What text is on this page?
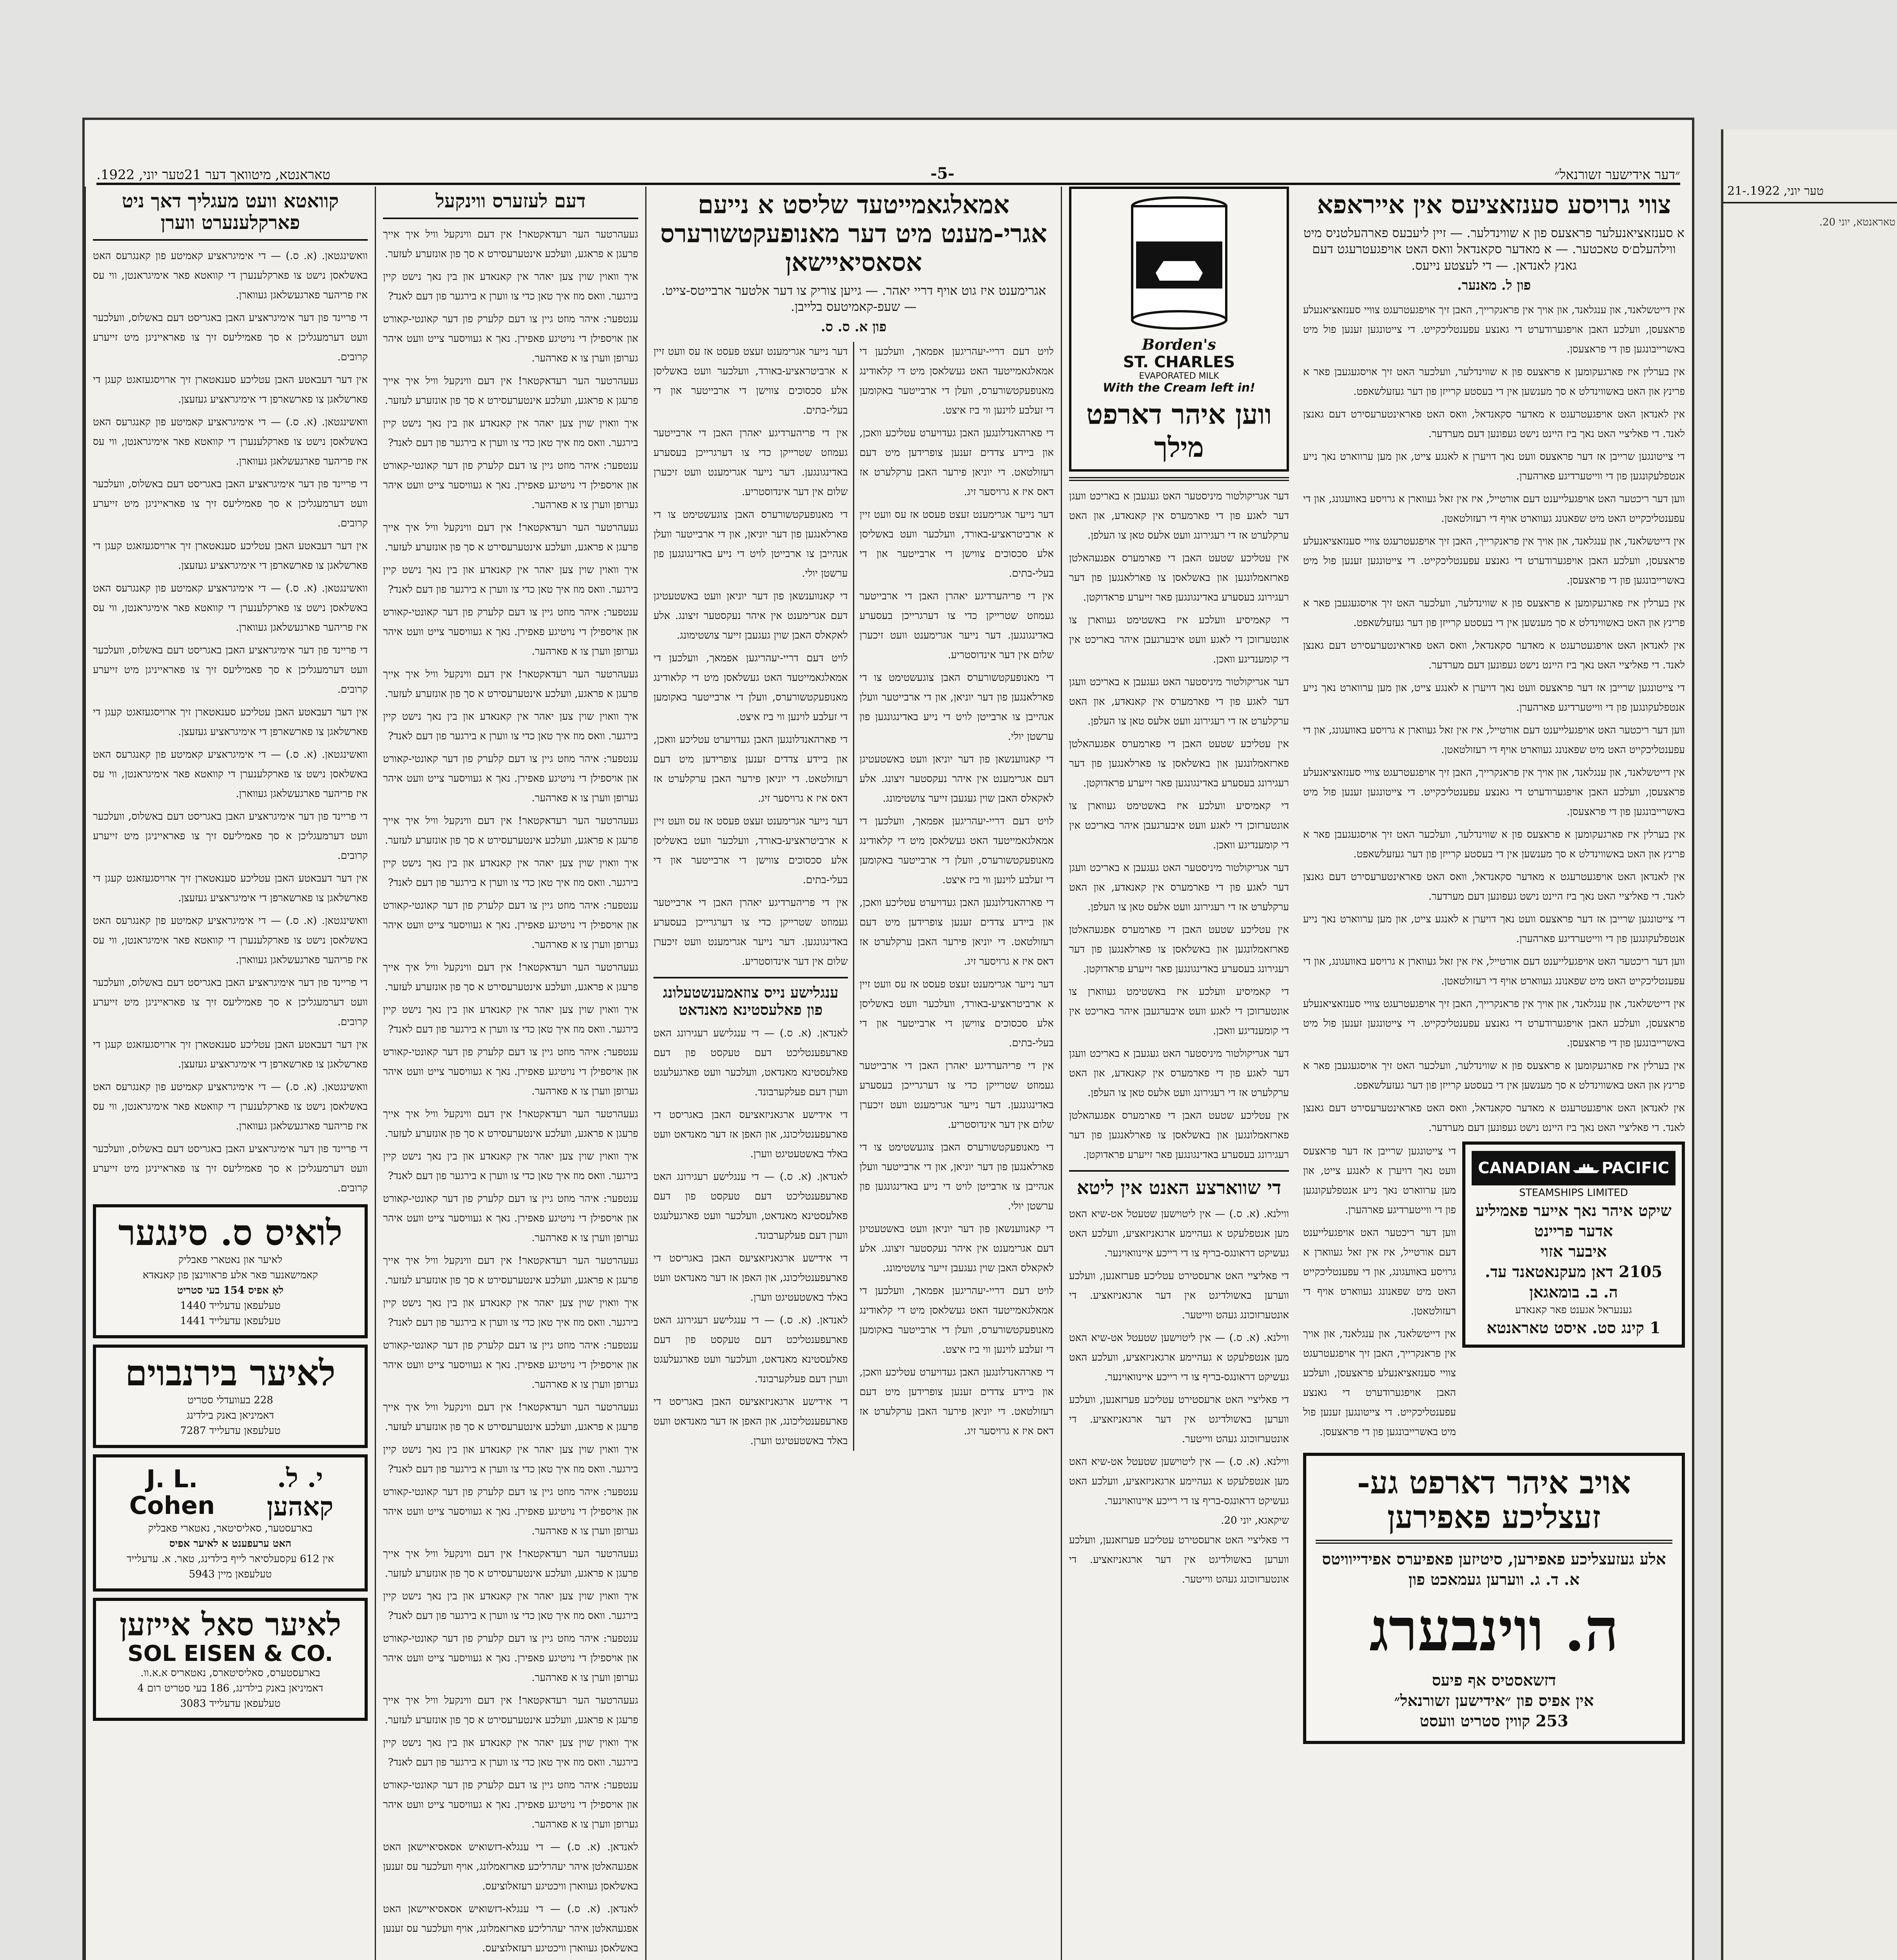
טער יוני, 1922.-21
טאראנטא, יוני 20.
״דער אידישער זשורנאל״
-5-
טאראנטא, מיטוואך דער 21טער יוני, 1922.
צווי גרויסע סענזאציעס אין אייראפא
א סענזאציאנעלער פראצעס פון א שווינדלער. — זיין ליעבעס פארהעלטניס מיט ווילהעלם׳ס טאכטער. — א מאדער סקאנדאל וואס האט אויפגעטרעגט דעם גאנץ לאנדאן. — די לעצטע נייעס.
פון ל. מאנער.

אין דייטשלאנד, און ענגלאנד, און אויך אין פראנקרייך, האבן זיך אויפגעטרעגט צוויי סענזאציאנעלע פראצעסן, וועלכע האבן אויפגערודערט די גאנצע עפענטליכקייט. די צייטונגען זענען פול מיט באשרייבונגען פון די פראצעסן.

אין בערלין איז פארגעקומען א פראצעס פון א שווינדלער, וועלכער האט זיך אויסגעגעבן פאר א פרינץ און האט באשווינדלט א סך מענשען אין די בעסטע קרייזן פון דער געזעלשאפט.

אין לאנדאן האט אויפגעטרעגט א מאדער סקאנדאל, וואס האט פאראינטערעסירט דעם גאנצן לאנד. די פאליציי האט נאך ביז היינט נישט געפונען דעם מערדער.

די צייטונגען שרייבן אז דער פראצעס וועט נאך דויערן א לאנגע צייט, און מען ערווארט נאך נייע אנטפלעקונגען פון די ווייטערדיגע פארהערן.

ווען דער ריכטער האט אויפגעלייענט דעם אורטייל, איז אין זאל געווארן א גרויסע באוועגונג, און די עפענטליכקייט האט מיט שפאנונג געווארט אויף די רעזולטאטן.

אין דייטשלאנד, און ענגלאנד, און אויך אין פראנקרייך, האבן זיך אויפגעטרעגט צוויי סענזאציאנעלע פראצעסן, וועלכע האבן אויפגערודערט די גאנצע עפענטליכקייט. די צייטונגען זענען פול מיט באשרייבונגען פון די פראצעסן.

אין בערלין איז פארגעקומען א פראצעס פון א שווינדלער, וועלכער האט זיך אויסגעגעבן פאר א פרינץ און האט באשווינדלט א סך מענשען אין די בעסטע קרייזן פון דער געזעלשאפט.

אין לאנדאן האט אויפגעטרעגט א מאדער סקאנדאל, וואס האט פאראינטערעסירט דעם גאנצן לאנד. די פאליציי האט נאך ביז היינט נישט געפונען דעם מערדער.

די צייטונגען שרייבן אז דער פראצעס וועט נאך דויערן א לאנגע צייט, און מען ערווארט נאך נייע אנטפלעקונגען פון די ווייטערדיגע פארהערן.

ווען דער ריכטער האט אויפגעלייענט דעם אורטייל, איז אין זאל געווארן א גרויסע באוועגונג, און די עפענטליכקייט האט מיט שפאנונג געווארט אויף די רעזולטאטן.

אין דייטשלאנד, און ענגלאנד, און אויך אין פראנקרייך, האבן זיך אויפגעטרעגט צוויי סענזאציאנעלע פראצעסן, וועלכע האבן אויפגערודערט די גאנצע עפענטליכקייט. די צייטונגען זענען פול מיט באשרייבונגען פון די פראצעסן.

אין בערלין איז פארגעקומען א פראצעס פון א שווינדלער, וועלכער האט זיך אויסגעגעבן פאר א פרינץ און האט באשווינדלט א סך מענשען אין די בעסטע קרייזן פון דער געזעלשאפט.

אין לאנדאן האט אויפגעטרעגט א מאדער סקאנדאל, וואס האט פאראינטערעסירט דעם גאנצן לאנד. די פאליציי האט נאך ביז היינט נישט געפונען דעם מערדער.

די צייטונגען שרייבן אז דער פראצעס וועט נאך דויערן א לאנגע צייט, און מען ערווארט נאך נייע אנטפלעקונגען פון די ווייטערדיגע פארהערן.

ווען דער ריכטער האט אויפגעלייענט דעם אורטייל, איז אין זאל געווארן א גרויסע באוועגונג, און די עפענטליכקייט האט מיט שפאנונג געווארט אויף די רעזולטאטן.

אין דייטשלאנד, און ענגלאנד, און אויך אין פראנקרייך, האבן זיך אויפגעטרעגט צוויי סענזאציאנעלע פראצעסן, וועלכע האבן אויפגערודערט די גאנצע עפענטליכקייט. די צייטונגען זענען פול מיט באשרייבונגען פון די פראצעסן.

אין בערלין איז פארגעקומען א פראצעס פון א שווינדלער, וועלכער האט זיך אויסגעגעבן פאר א פרינץ און האט באשווינדלט א סך מענשען אין די בעסטע קרייזן פון דער געזעלשאפט.

אין לאנדאן האט אויפגעטרעגט א מאדער סקאנדאל, וואס האט פאראינטערעסירט דעם גאנצן לאנד. די פאליציי האט נאך ביז היינט נישט געפונען דעם מערדער.

CANADIAN PACIFIC
STEAMSHIPS LIMITED
שיקט איהר נאך אייער פאמיליע אדער פריינט
איבער אזוי
2105 דאן מעקנאטאנד עד.
ה. ב. בומאגאן
גענעראל אגענט פאר קאנאדע
1 קינג סט. איסט טאראנטא

די צייטונגען שרייבן אז דער פראצעס וועט נאך דויערן א לאנגע צייט, און מען ערווארט נאך נייע אנטפלעקונגען פון די ווייטערדיגע פארהערן.

ווען דער ריכטער האט אויפגעלייענט דעם אורטייל, איז אין זאל געווארן א גרויסע באוועגונג, און די עפענטליכקייט האט מיט שפאנונג געווארט אויף די רעזולטאטן.

אין דייטשלאנד, און ענגלאנד, און אויך אין פראנקרייך, האבן זיך אויפגעטרעגט צוויי סענזאציאנעלע פראצעסן, וועלכע האבן אויפגערודערט די גאנצע עפענטליכקייט. די צייטונגען זענען פול מיט באשרייבונגען פון די פראצעסן.

אויב איהר דארפט גע-
זעצליכע פאפירען
אלע געזעצליכע פאפירען, סיטיזען פאפיערס אפידייוויטס א. ד. ג. ווערען געמאכט פון
ה. ווינבערג
דזשאסטיס אף פיעס
אין אפיס פון ״אידישען זשורנאל״
253 קווין סטריט וועסט
Borden's
ST. CHARLES
EVAPORATED MILK
With the Cream left in!
ווען איהר דארפט מילך

דער אגריקולטור מיניסטער האט געגעבן א באריכט וועגן דער לאגע פון די פארמערס אין קאנאדע, און האט ערקלערט אז די רעגירונג וועט אלעס טאן צו העלפן.

אין עטליכע שטעט האבן די פארמערס אפגעהאלטן פארזאמלונגען און באשלאסן צו פארלאנגען פון דער רעגירונג בעסערע באדינגונגען פאר זייערע פראדוקטן.

די קאמיסיע וועלכע איז באשטימט געווארן צו אונטערזוכן די לאגע וועט איבערגעבן איהר באריכט אין די קומענדיגע וואכן.

דער אגריקולטור מיניסטער האט געגעבן א באריכט וועגן דער לאגע פון די פארמערס אין קאנאדע, און האט ערקלערט אז די רעגירונג וועט אלעס טאן צו העלפן.

אין עטליכע שטעט האבן די פארמערס אפגעהאלטן פארזאמלונגען און באשלאסן צו פארלאנגען פון דער רעגירונג בעסערע באדינגונגען פאר זייערע פראדוקטן.

די קאמיסיע וועלכע איז באשטימט געווארן צו אונטערזוכן די לאגע וועט איבערגעבן איהר באריכט אין די קומענדיגע וואכן.

דער אגריקולטור מיניסטער האט געגעבן א באריכט וועגן דער לאגע פון די פארמערס אין קאנאדע, און האט ערקלערט אז די רעגירונג וועט אלעס טאן צו העלפן.

אין עטליכע שטעט האבן די פארמערס אפגעהאלטן פארזאמלונגען און באשלאסן צו פארלאנגען פון דער רעגירונג בעסערע באדינגונגען פאר זייערע פראדוקטן.

די קאמיסיע וועלכע איז באשטימט געווארן צו אונטערזוכן די לאגע וועט איבערגעבן איהר באריכט אין די קומענדיגע וואכן.

דער אגריקולטור מיניסטער האט געגעבן א באריכט וועגן דער לאגע פון די פארמערס אין קאנאדע, און האט ערקלערט אז די רעגירונג וועט אלעס טאן צו העלפן.

אין עטליכע שטעט האבן די פארמערס אפגעהאלטן פארזאמלונגען און באשלאסן צו פארלאנגען פון דער רעגירונג בעסערע באדינגונגען פאר זייערע פראדוקטן.

די שווארצע האנט אין ליטא

ווילנא. (א. ס.) — אין ליטוישען שטעטל אט-שיא האט מען אנטפלעקט א געהיימע ארגאניזאציע, וועלכע האט געשיקט דראונגס-בריף צו די רייכע איינוואוינער.

די פאליציי האט ארעסטירט עטליכע פערזאנען, וועלכע ווערען באשולדיגט אין דער ארגאניזאציע. די אונטערזוכונג געהט ווייטער.

ווילנא. (א. ס.) — אין ליטוישען שטעטל אט-שיא האט מען אנטפלעקט א געהיימע ארגאניזאציע, וועלכע האט געשיקט דראונגס-בריף צו די רייכע איינוואוינער.

די פאליציי האט ארעסטירט עטליכע פערזאנען, וועלכע ווערען באשולדיגט אין דער ארגאניזאציע. די אונטערזוכונג געהט ווייטער.

ווילנא. (א. ס.) — אין ליטוישען שטעטל אט-שיא האט מען אנטפלעקט א געהיימע ארגאניזאציע, וועלכע האט געשיקט דראונגס-בריף צו די רייכע איינוואוינער.

שיקאגא, יוני 20.

די פאליציי האט ארעסטירט עטליכע פערזאנען, וועלכע ווערען באשולדיגט אין דער ארגאניזאציע. די אונטערזוכונג געהט ווייטער.

אמאלגאמייטעד שליסט א נייעם אגרי-מענט מיט דער מאנופעקטשורערס אסאסיאיישאן
אגרימענט איז גוט אויף דריי יאהר. — גייען צוריק צו דער אלטער ארבייטס-צייט. — שעפ-קאמיטעס בלייבן.
פון א. ס. ס.

לויט דעם דריי-יעהריגען אפמאך, וועלכען די אמאלגאמייטעד האט געשלאסן מיט די קלאודינג מאנופעקטשורערס, וועלן די ארבייטער באקומען די זעלבע לוינען ווי ביז איצט.

די פארהאנדלונגען האבן געדויערט עטליכע וואכן, און ביידע צדדים זענען צופרידען מיט דעם רעזולטאט. די יוניאן פירער האבן ערקלערט אז דאס איז א גרויסער זיג.

דער נייער אגרימענט זעצט פעסט אז עס וועט זיין א ארביטראציע-באורד, וועלכער וועט באשליסן אלע סכסוכים צווישן די ארבייטער און די בעלי-בתים.

אין די פריהערדיגע יאהרן האבן די ארבייטער געמוזט שטרייקן כדי צו דערגרייכן בעסערע באדינגונגען. דער נייער אגרימענט וועט זיכערן שלום אין דער אינדוסטריע.

די מאנופעקטשורערס האבן צוגעשטימט צו די פארלאנגען פון דער יוניאן, און די ארבייטער וועלן אנהייבן צו ארבייטן לויט די נייע באדינגונגען פון ערשטן יולי.

די קאנווענשאן פון דער יוניאן וועט באשטעטיגן דעם אגרימענט אין איהר נעקסטער זיצונג. אלע לאקאלס האבן שוין געגעבן זייער צושטימונג.

לויט דעם דריי-יעהריגען אפמאך, וועלכען די אמאלגאמייטעד האט געשלאסן מיט די קלאודינג מאנופעקטשורערס, וועלן די ארבייטער באקומען די זעלבע לוינען ווי ביז איצט.

די פארהאנדלונגען האבן געדויערט עטליכע וואכן, און ביידע צדדים זענען צופרידען מיט דעם רעזולטאט. די יוניאן פירער האבן ערקלערט אז דאס איז א גרויסער זיג.

דער נייער אגרימענט זעצט פעסט אז עס וועט זיין א ארביטראציע-באורד, וועלכער וועט באשליסן אלע סכסוכים צווישן די ארבייטער און די בעלי-בתים.

אין די פריהערדיגע יאהרן האבן די ארבייטער געמוזט שטרייקן כדי צו דערגרייכן בעסערע באדינגונגען. דער נייער אגרימענט וועט זיכערן שלום אין דער אינדוסטריע.

די מאנופעקטשורערס האבן צוגעשטימט צו די פארלאנגען פון דער יוניאן, און די ארבייטער וועלן אנהייבן צו ארבייטן לויט די נייע באדינגונגען פון ערשטן יולי.

די קאנווענשאן פון דער יוניאן וועט באשטעטיגן דעם אגרימענט אין איהר נעקסטער זיצונג. אלע לאקאלס האבן שוין געגעבן זייער צושטימונג.

לויט דעם דריי-יעהריגען אפמאך, וועלכען די אמאלגאמייטעד האט געשלאסן מיט די קלאודינג מאנופעקטשורערס, וועלן די ארבייטער באקומען די זעלבע לוינען ווי ביז איצט.

די פארהאנדלונגען האבן געדויערט עטליכע וואכן, און ביידע צדדים זענען צופרידען מיט דעם רעזולטאט. די יוניאן פירער האבן ערקלערט אז דאס איז א גרויסער זיג.

דער נייער אגרימענט זעצט פעסט אז עס וועט זיין א ארביטראציע-באורד, וועלכער וועט באשליסן אלע סכסוכים צווישן די ארבייטער און די בעלי-בתים.

אין די פריהערדיגע יאהרן האבן די ארבייטער געמוזט שטרייקן כדי צו דערגרייכן בעסערע באדינגונגען. דער נייער אגרימענט וועט זיכערן שלום אין דער אינדוסטריע.

די מאנופעקטשורערס האבן צוגעשטימט צו די פארלאנגען פון דער יוניאן, און די ארבייטער וועלן אנהייבן צו ארבייטן לויט די נייע באדינגונגען פון ערשטן יולי.

די קאנווענשאן פון דער יוניאן וועט באשטעטיגן דעם אגרימענט אין איהר נעקסטער זיצונג. אלע לאקאלס האבן שוין געגעבן זייער צושטימונג.

לויט דעם דריי-יעהריגען אפמאך, וועלכען די אמאלגאמייטעד האט געשלאסן מיט די קלאודינג מאנופעקטשורערס, וועלן די ארבייטער באקומען די זעלבע לוינען ווי ביז איצט.

די פארהאנדלונגען האבן געדויערט עטליכע וואכן, און ביידע צדדים זענען צופרידען מיט דעם רעזולטאט. די יוניאן פירער האבן ערקלערט אז דאס איז א גרויסער זיג.

דער נייער אגרימענט זעצט פעסט אז עס וועט זיין א ארביטראציע-באורד, וועלכער וועט באשליסן אלע סכסוכים צווישן די ארבייטער און די בעלי-בתים.

אין די פריהערדיגע יאהרן האבן די ארבייטער געמוזט שטרייקן כדי צו דערגרייכן בעסערע באדינגונגען. דער נייער אגרימענט וועט זיכערן שלום אין דער אינדוסטריע.

ענגלישע נייס צוזאמענשטעלונג פון פאלעסטינא מאנדאט

לאנדאן. (א. ס.) — די ענגלישע רעגירונג האט פארעפענטליכט דעם טעקסט פון דעם פאלעסטינא מאנדאט, וועלכער וועט פארגעלעגט ווערן דעם פעלקערבונד.

די אידישע ארגאניזאציעס האבן באגריסט די פארעפענטליכונג, און האפן אז דער מאנדאט וועט באלד באשטעטיגט ווערן.

לאנדאן. (א. ס.) — די ענגלישע רעגירונג האט פארעפענטליכט דעם טעקסט פון דעם פאלעסטינא מאנדאט, וועלכער וועט פארגעלעגט ווערן דעם פעלקערבונד.

די אידישע ארגאניזאציעס האבן באגריסט די פארעפענטליכונג, און האפן אז דער מאנדאט וועט באלד באשטעטיגט ווערן.

לאנדאן. (א. ס.) — די ענגלישע רעגירונג האט פארעפענטליכט דעם טעקסט פון דעם פאלעסטינא מאנדאט, וועלכער וועט פארגעלעגט ווערן דעם פעלקערבונד.

די אידישע ארגאניזאציעס האבן באגריסט די פארעפענטליכונג, און האפן אז דער מאנדאט וועט באלד באשטעטיגט ווערן.

דעם לעזערס ווינקעל

געעהרטער הער רעדאקטאר! אין דעם ווינקעל וויל איך אייך פרעגן א פראגע, וועלכע אינטערעסירט א סך פון אונזערע לעזער.

איך וואוין שוין צען יאהר אין קאנאדע און בין נאך נישט קיין בירגער. וואס מוז איך טאן כדי צו ווערן א בירגער פון דעם לאנד?

ענטפער: איהר מוזט גיין צו דעם קלערק פון דער קאונטי-קאורט און אויספילן די נויטיגע פאפירן. נאך א געוויסער צייט וועט איהר גערופן ווערן צו א פארהער.

געעהרטער הער רעדאקטאר! אין דעם ווינקעל וויל איך אייך פרעגן א פראגע, וועלכע אינטערעסירט א סך פון אונזערע לעזער.

איך וואוין שוין צען יאהר אין קאנאדע און בין נאך נישט קיין בירגער. וואס מוז איך טאן כדי צו ווערן א בירגער פון דעם לאנד?

ענטפער: איהר מוזט גיין צו דעם קלערק פון דער קאונטי-קאורט און אויספילן די נויטיגע פאפירן. נאך א געוויסער צייט וועט איהר גערופן ווערן צו א פארהער.

געעהרטער הער רעדאקטאר! אין דעם ווינקעל וויל איך אייך פרעגן א פראגע, וועלכע אינטערעסירט א סך פון אונזערע לעזער.

איך וואוין שוין צען יאהר אין קאנאדע און בין נאך נישט קיין בירגער. וואס מוז איך טאן כדי צו ווערן א בירגער פון דעם לאנד?

ענטפער: איהר מוזט גיין צו דעם קלערק פון דער קאונטי-קאורט און אויספילן די נויטיגע פאפירן. נאך א געוויסער צייט וועט איהר גערופן ווערן צו א פארהער.

געעהרטער הער רעדאקטאר! אין דעם ווינקעל וויל איך אייך פרעגן א פראגע, וועלכע אינטערעסירט א סך פון אונזערע לעזער.

איך וואוין שוין צען יאהר אין קאנאדע און בין נאך נישט קיין בירגער. וואס מוז איך טאן כדי צו ווערן א בירגער פון דעם לאנד?

ענטפער: איהר מוזט גיין צו דעם קלערק פון דער קאונטי-קאורט און אויספילן די נויטיגע פאפירן. נאך א געוויסער צייט וועט איהר גערופן ווערן צו א פארהער.

געעהרטער הער רעדאקטאר! אין דעם ווינקעל וויל איך אייך פרעגן א פראגע, וועלכע אינטערעסירט א סך פון אונזערע לעזער.

איך וואוין שוין צען יאהר אין קאנאדע און בין נאך נישט קיין בירגער. וואס מוז איך טאן כדי צו ווערן א בירגער פון דעם לאנד?

ענטפער: איהר מוזט גיין צו דעם קלערק פון דער קאונטי-קאורט און אויספילן די נויטיגע פאפירן. נאך א געוויסער צייט וועט איהר גערופן ווערן צו א פארהער.

געעהרטער הער רעדאקטאר! אין דעם ווינקעל וויל איך אייך פרעגן א פראגע, וועלכע אינטערעסירט א סך פון אונזערע לעזער.

איך וואוין שוין צען יאהר אין קאנאדע און בין נאך נישט קיין בירגער. וואס מוז איך טאן כדי צו ווערן א בירגער פון דעם לאנד?

ענטפער: איהר מוזט גיין צו דעם קלערק פון דער קאונטי-קאורט און אויספילן די נויטיגע פאפירן. נאך א געוויסער צייט וועט איהר גערופן ווערן צו א פארהער.

געעהרטער הער רעדאקטאר! אין דעם ווינקעל וויל איך אייך פרעגן א פראגע, וועלכע אינטערעסירט א סך פון אונזערע לעזער.

איך וואוין שוין צען יאהר אין קאנאדע און בין נאך נישט קיין בירגער. וואס מוז איך טאן כדי צו ווערן א בירגער פון דעם לאנד?

ענטפער: איהר מוזט גיין צו דעם קלערק פון דער קאונטי-קאורט און אויספילן די נויטיגע פאפירן. נאך א געוויסער צייט וועט איהר גערופן ווערן צו א פארהער.

געעהרטער הער רעדאקטאר! אין דעם ווינקעל וויל איך אייך פרעגן א פראגע, וועלכע אינטערעסירט א סך פון אונזערע לעזער.

איך וואוין שוין צען יאהר אין קאנאדע און בין נאך נישט קיין בירגער. וואס מוז איך טאן כדי צו ווערן א בירגער פון דעם לאנד?

ענטפער: איהר מוזט גיין צו דעם קלערק פון דער קאונטי-קאורט און אויספילן די נויטיגע פאפירן. נאך א געוויסער צייט וועט איהר גערופן ווערן צו א פארהער.

געעהרטער הער רעדאקטאר! אין דעם ווינקעל וויל איך אייך פרעגן א פראגע, וועלכע אינטערעסירט א סך פון אונזערע לעזער.

איך וואוין שוין צען יאהר אין קאנאדע און בין נאך נישט קיין בירגער. וואס מוז איך טאן כדי צו ווערן א בירגער פון דעם לאנד?

ענטפער: איהר מוזט גיין צו דעם קלערק פון דער קאונטי-קאורט און אויספילן די נויטיגע פאפירן. נאך א געוויסער צייט וועט איהר גערופן ווערן צו א פארהער.

געעהרטער הער רעדאקטאר! אין דעם ווינקעל וויל איך אייך פרעגן א פראגע, וועלכע אינטערעסירט א סך פון אונזערע לעזער.

איך וואוין שוין צען יאהר אין קאנאדע און בין נאך נישט קיין בירגער. וואס מוז איך טאן כדי צו ווערן א בירגער פון דעם לאנד?

ענטפער: איהר מוזט גיין צו דעם קלערק פון דער קאונטי-קאורט און אויספילן די נויטיגע פאפירן. נאך א געוויסער צייט וועט איהר גערופן ווערן צו א פארהער.

געעהרטער הער רעדאקטאר! אין דעם ווינקעל וויל איך אייך פרעגן א פראגע, וועלכע אינטערעסירט א סך פון אונזערע לעזער.

איך וואוין שוין צען יאהר אין קאנאדע און בין נאך נישט קיין בירגער. וואס מוז איך טאן כדי צו ווערן א בירגער פון דעם לאנד?

ענטפער: איהר מוזט גיין צו דעם קלערק פון דער קאונטי-קאורט און אויספילן די נויטיגע פאפירן. נאך א געוויסער צייט וועט איהר גערופן ווערן צו א פארהער.

לאנדאן. (א. ס.) — די ענגלא-דזשואיש אסאסיאיישאן האט אפגעהאלטן איהר יעהרליכע פארזאמלונג, אויף וועלכער עס זענען באשלאסן געווארן וויכטיגע רעזאלוציעס.

לאנדאן. (א. ס.) — די ענגלא-דזשואיש אסאסיאיישאן האט אפגעהאלטן איהר יעהרליכע פארזאמלונג, אויף וועלכער עס זענען באשלאסן געווארן וויכטיגע רעזאלוציעס.

קוואטא וועט מעגליך דאך ניט פארקלענערט ווערן

וואשינגטאן. (א. ס.) — די אימיגראציע קאמיטע פון קאנגרעס האט באשלאסן נישט צו פארקלענערן די קוואטא פאר אימיגראנטן, ווי עס איז פריהער פארגעשלאגן געווארן.

די פריינד פון דער אימיגראציע האבן באגריסט דעם באשלוס, וועלכער וועט דערמעגליכן א סך פאמיליעס זיך צו פאראייניגן מיט זייערע קרובים.

אין דער דעבאטע האבן עטליכע סענאטארן זיך ארויסגעזאגט קעגן די פארשלאגן צו פארשארפן די אימיגראציע געזעצן.

וואשינגטאן. (א. ס.) — די אימיגראציע קאמיטע פון קאנגרעס האט באשלאסן נישט צו פארקלענערן די קוואטא פאר אימיגראנטן, ווי עס איז פריהער פארגעשלאגן געווארן.

די פריינד פון דער אימיגראציע האבן באגריסט דעם באשלוס, וועלכער וועט דערמעגליכן א סך פאמיליעס זיך צו פאראייניגן מיט זייערע קרובים.

אין דער דעבאטע האבן עטליכע סענאטארן זיך ארויסגעזאגט קעגן די פארשלאגן צו פארשארפן די אימיגראציע געזעצן.

וואשינגטאן. (א. ס.) — די אימיגראציע קאמיטע פון קאנגרעס האט באשלאסן נישט צו פארקלענערן די קוואטא פאר אימיגראנטן, ווי עס איז פריהער פארגעשלאגן געווארן.

די פריינד פון דער אימיגראציע האבן באגריסט דעם באשלוס, וועלכער וועט דערמעגליכן א סך פאמיליעס זיך צו פאראייניגן מיט זייערע קרובים.

אין דער דעבאטע האבן עטליכע סענאטארן זיך ארויסגעזאגט קעגן די פארשלאגן צו פארשארפן די אימיגראציע געזעצן.

וואשינגטאן. (א. ס.) — די אימיגראציע קאמיטע פון קאנגרעס האט באשלאסן נישט צו פארקלענערן די קוואטא פאר אימיגראנטן, ווי עס איז פריהער פארגעשלאגן געווארן.

די פריינד פון דער אימיגראציע האבן באגריסט דעם באשלוס, וועלכער וועט דערמעגליכן א סך פאמיליעס זיך צו פאראייניגן מיט זייערע קרובים.

אין דער דעבאטע האבן עטליכע סענאטארן זיך ארויסגעזאגט קעגן די פארשלאגן צו פארשארפן די אימיגראציע געזעצן.

וואשינגטאן. (א. ס.) — די אימיגראציע קאמיטע פון קאנגרעס האט באשלאסן נישט צו פארקלענערן די קוואטא פאר אימיגראנטן, ווי עס איז פריהער פארגעשלאגן געווארן.

די פריינד פון דער אימיגראציע האבן באגריסט דעם באשלוס, וועלכער וועט דערמעגליכן א סך פאמיליעס זיך צו פאראייניגן מיט זייערע קרובים.

אין דער דעבאטע האבן עטליכע סענאטארן זיך ארויסגעזאגט קעגן די פארשלאגן צו פארשארפן די אימיגראציע געזעצן.

וואשינגטאן. (א. ס.) — די אימיגראציע קאמיטע פון קאנגרעס האט באשלאסן נישט צו פארקלענערן די קוואטא פאר אימיגראנטן, ווי עס איז פריהער פארגעשלאגן געווארן.

די פריינד פון דער אימיגראציע האבן באגריסט דעם באשלוס, וועלכער וועט דערמעגליכן א סך פאמיליעס זיך צו פאראייניגן מיט זייערע קרובים.

לואיס ס. סינגער
לאיער און נאטארי פאבליק
קאמישאנער פאר אלע פראווינצן פון קאנאדא
לאָ אפיס 154 בעי סטריט
טעלעפאן עדעלייד 1440
טעלעפאן עדעלייד 1441
לאיער בירנבוים
228 בעוועדלי סטריט
דאמיניאן באנק בילדינג
טעלעפאן עדעלייד 7287
י. ל. קאהען
J. L. Cohen
בארעסטער, סאליסיטאר, נאטארי פאבליק
האט ערעפענט א לאיער אפיס
אין 612 עקסעלסיאר לייף בילדינג, טאר. א. עדעלייד
טעלעפאן מיין 5943
לאיער סאל אייזען
SOL EISEN & CO.
בארעסטערס, סאליסיטארס, נאטאריס א.א.וו.
דאמיניאן באנק בילדינג, 186 בעי סטריט רום 4
טעלעפאן עדעלייד 3083
